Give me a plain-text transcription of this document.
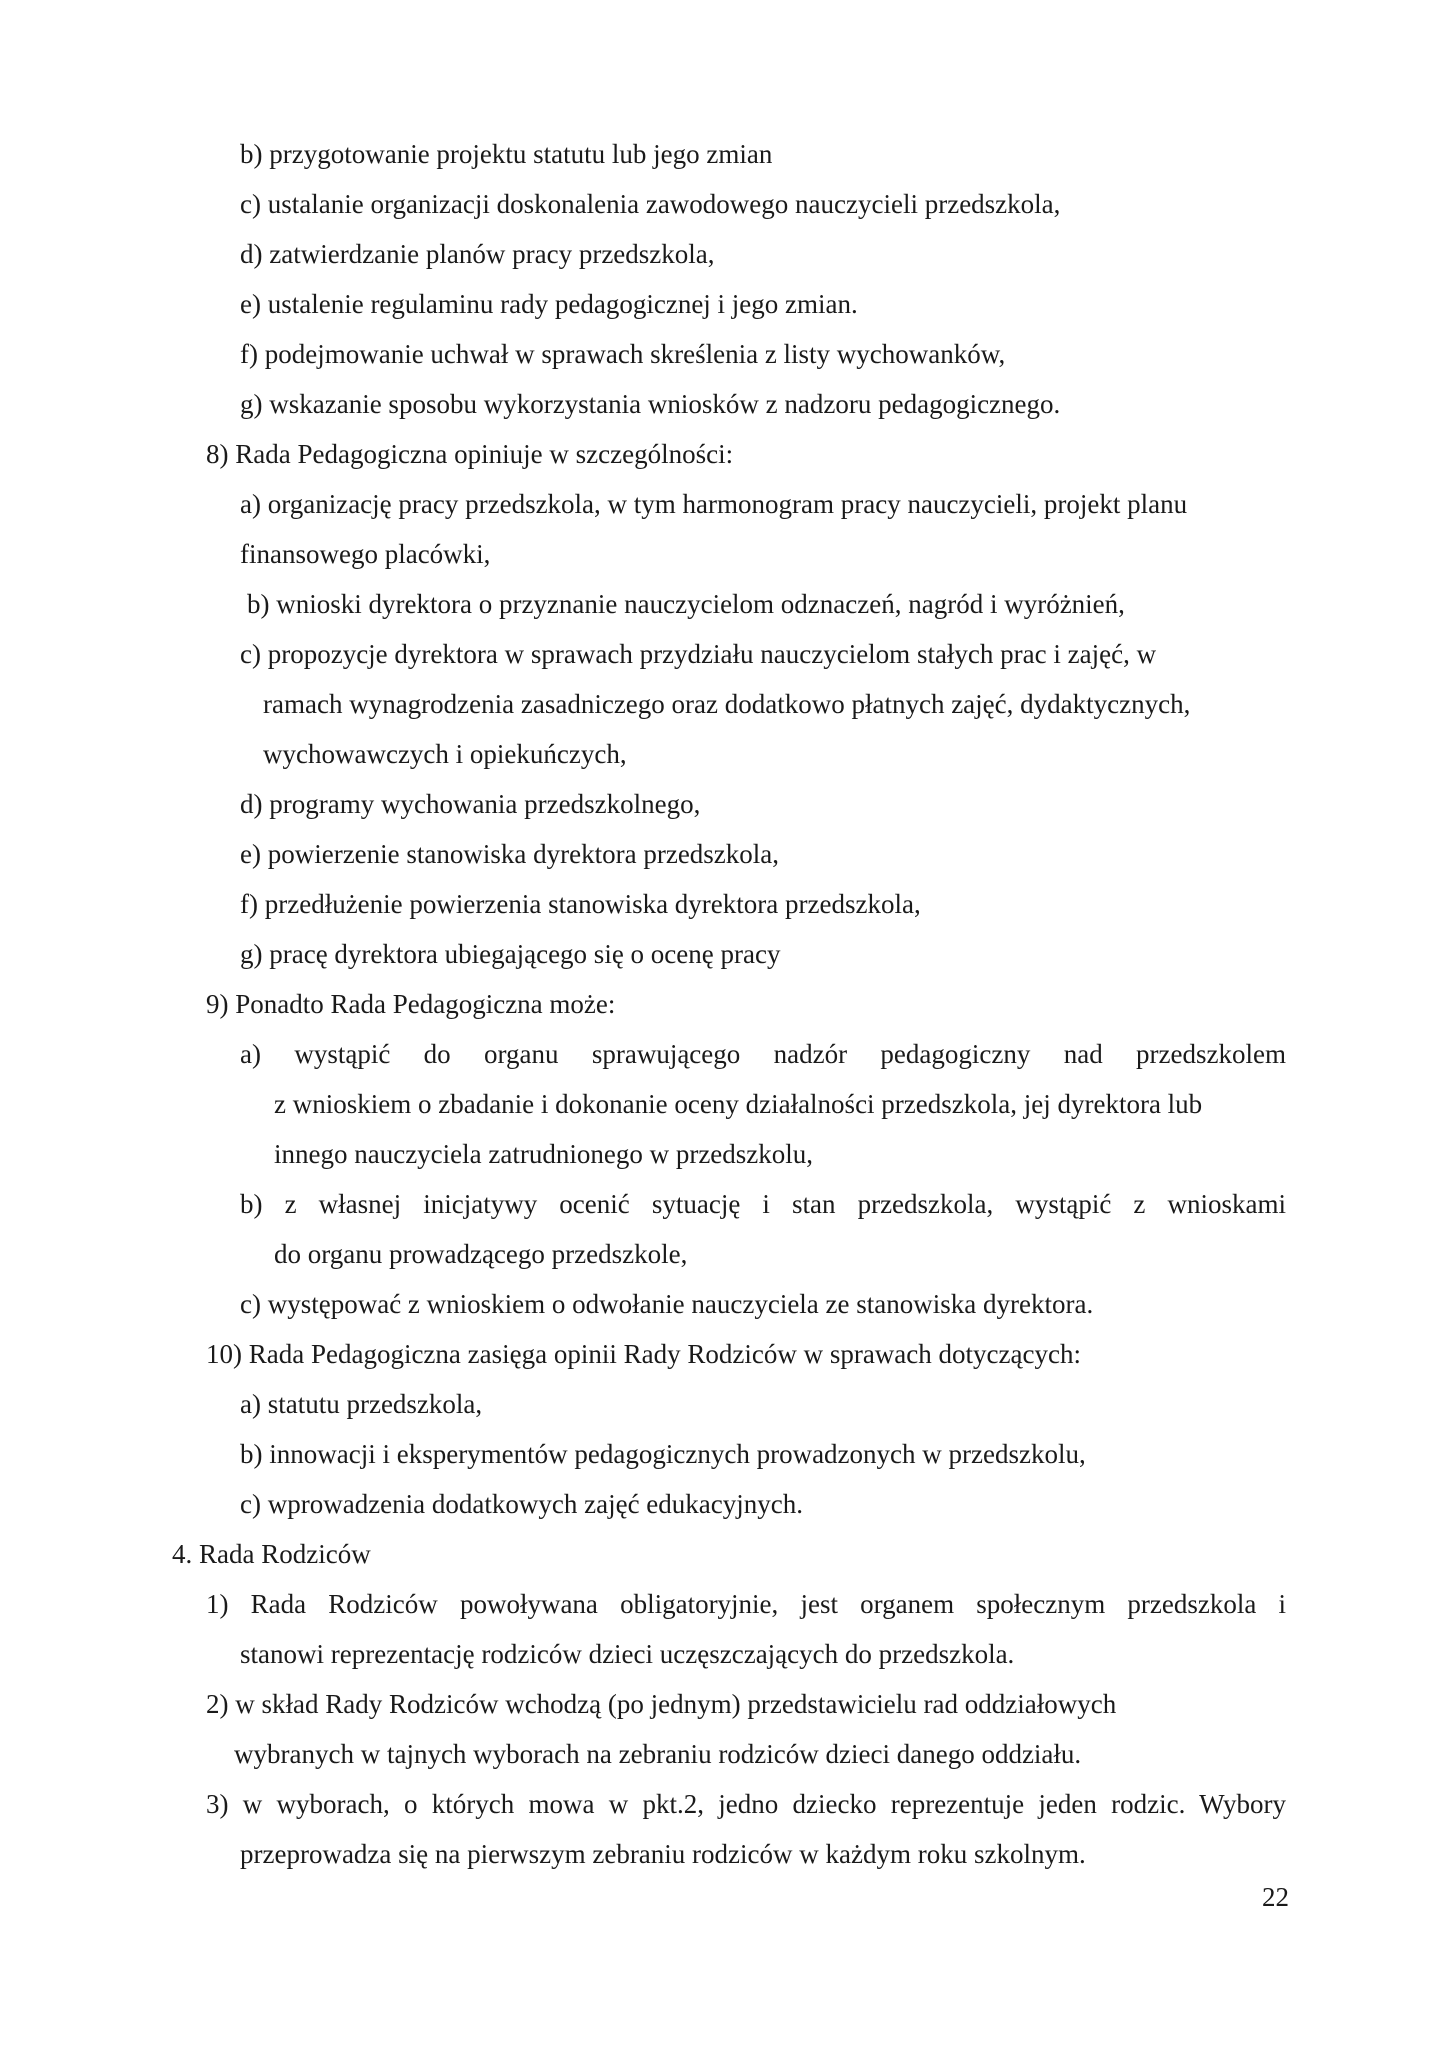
b) przygotowanie projektu statutu lub jego zmian
c) ustalanie organizacji doskonalenia zawodowego nauczycieli przedszkola,
d) zatwierdzanie planów pracy przedszkola,
e) ustalenie regulaminu rady pedagogicznej i jego zmian.
f) podejmowanie uchwał w sprawach skreślenia z listy wychowanków,
g) wskazanie sposobu wykorzystania wniosków z nadzoru pedagogicznego.
8) Rada Pedagogiczna opiniuje w szczególności:
a) organizację pracy przedszkola, w tym harmonogram pracy nauczycieli, projekt planu
finansowego placówki,
b) wnioski dyrektora o przyznanie nauczycielom odznaczeń, nagród i wyróżnień,
c) propozycje dyrektora w sprawach przydziału nauczycielom stałych prac i zajęć, w
ramach wynagrodzenia zasadniczego oraz dodatkowo płatnych zajęć, dydaktycznych,
wychowawczych i opiekuńczych,
d) programy wychowania przedszkolnego,
e) powierzenie stanowiska dyrektora przedszkola,
f) przedłużenie powierzenia stanowiska dyrektora przedszkola,
g) pracę dyrektora ubiegającego się o ocenę pracy
9) Ponadto Rada Pedagogiczna może:
a) wystąpić do organu sprawującego nadzór pedagogiczny nad przedszkolem
z wnioskiem o zbadanie i dokonanie oceny działalności przedszkola, jej dyrektora lub
innego nauczyciela zatrudnionego w przedszkolu,
b) z własnej inicjatywy ocenić sytuację i stan przedszkola, wystąpić z wnioskami
do organu prowadzącego przedszkole,
c) występować z wnioskiem o odwołanie nauczyciela ze stanowiska dyrektora.
10) Rada Pedagogiczna zasięga opinii Rady Rodziców w sprawach dotyczących:
a) statutu przedszkola,
b) innowacji i eksperymentów pedagogicznych prowadzonych w przedszkolu,
c) wprowadzenia dodatkowych zajęć edukacyjnych.
4. Rada Rodziców
1) Rada Rodziców powoływana obligatoryjnie, jest organem społecznym przedszkola i
stanowi reprezentację rodziców dzieci uczęszczających do przedszkola.
2) w skład Rady Rodziców wchodzą (po jednym) przedstawicielu rad oddziałowych
wybranych w tajnych wyborach na zebraniu rodziców dzieci danego oddziału.
3) w wyborach, o których mowa w pkt.2, jedno dziecko reprezentuje jeden rodzic. Wybory
przeprowadza się na pierwszym zebraniu rodziców w każdym roku szkolnym.
22
